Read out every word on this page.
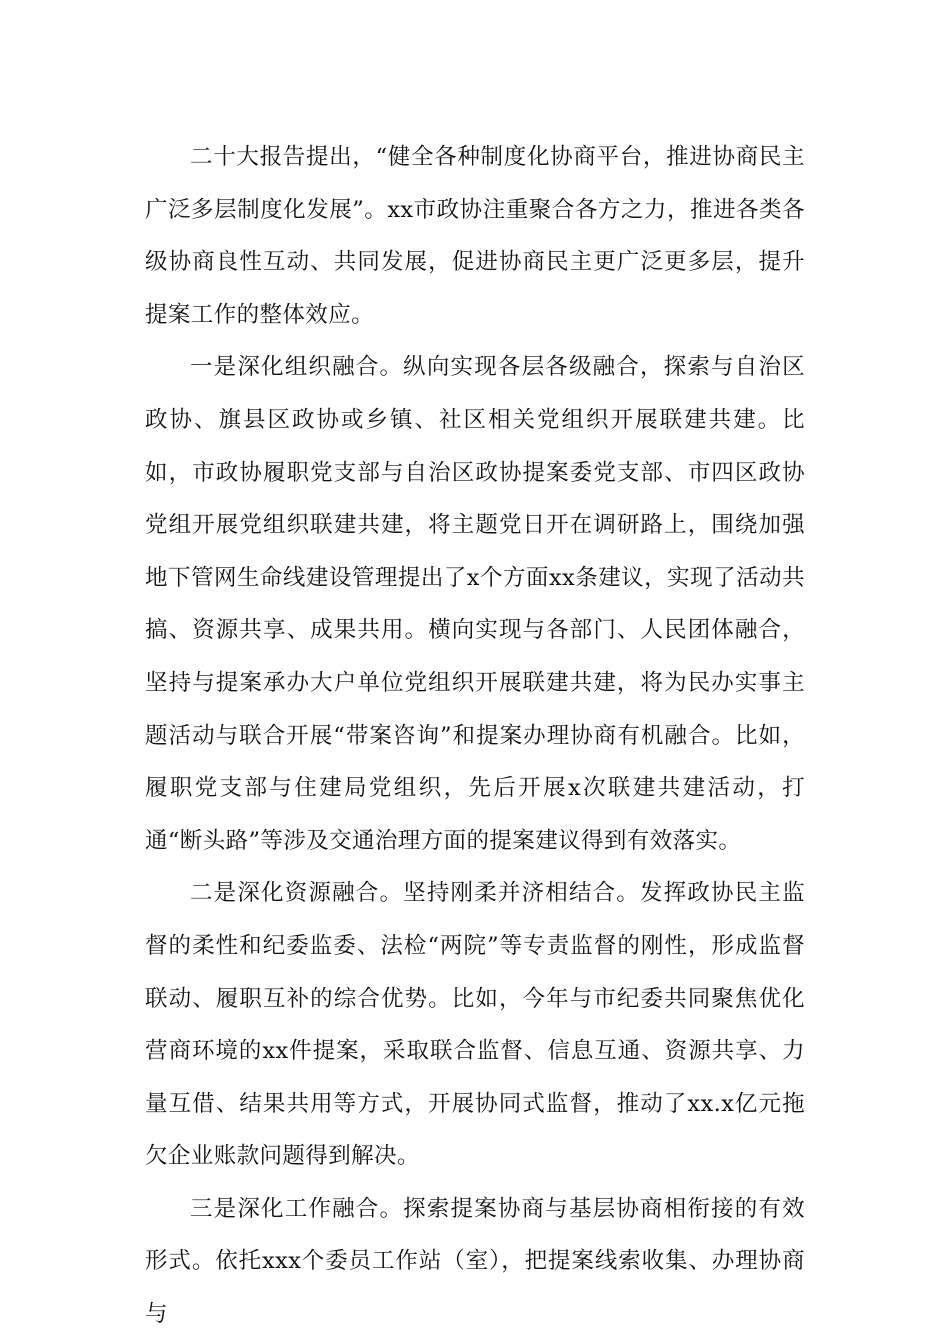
二十大报告提出，“健全各种制度化协商平台，推进协商民主广泛多层制度化发展”。xx市政协注重聚合各方之力，推进各类各级协商良性互动、共同发展，促进协商民主更广泛更多层，提升提案工作的整体效应。

一是深化组织融合。纵向实现各层各级融合，探索与自治区政协、旗县区政协或乡镇、社区相关党组织开展联建共建。比如，市政协履职党支部与自治区政协提案委党支部、市四区政协党组开展党组织联建共建，将主题党日开在调研路上，围绕加强地下管网生命线建设管理提出了x个方面xx条建议，实现了活动共搞、资源共享、成果共用。横向实现与各部门、人民团体融合，坚持与提案承办大户单位党组织开展联建共建，将为民办实事主题活动与联合开展“带案咨询”和提案办理协商有机融合。比如，履职党支部与住建局党组织，先后开展x次联建共建活动，打通“断头路”等涉及交通治理方面的提案建议得到有效落实。

二是深化资源融合。坚持刚柔并济相结合。发挥政协民主监督的柔性和纪委监委、法检“两院”等专责监督的刚性，形成监督联动、履职互补的综合优势。比如，今年与市纪委共同聚焦优化营商环境的xx件提案，采取联合监督、信息互通、资源共享、力量互借、结果共用等方式，开展协同式监督，推动了xx.x亿元拖欠企业账款问题得到解决。

三是深化工作融合。探索提案协商与基层协商相衔接的有效形式。依托xxx个委员工作站（室），把提案线索收集、办理协商与
